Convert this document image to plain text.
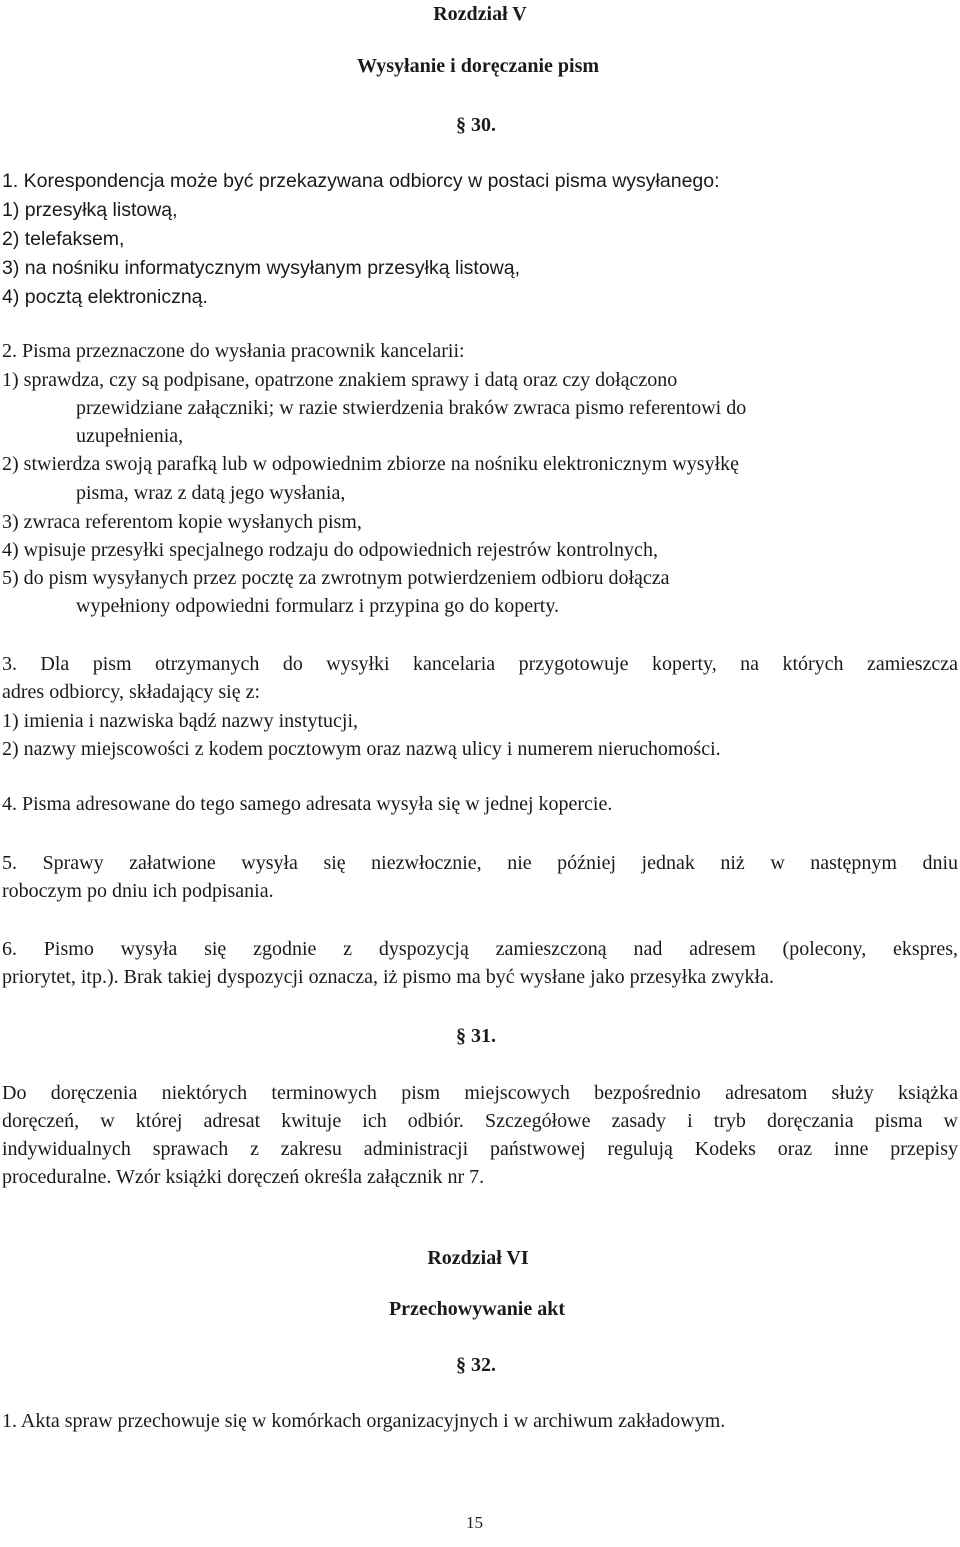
Rozdział V

Wysyłanie i doręczanie pism

§ 30.

1. Korespondencja może być przekazywana odbiorcy w postaci pisma wysyłanego:

1) przesyłką listową,

2) telefaksem,

3) na nośniku informatycznym wysyłanym przesyłką listową,

4) pocztą elektroniczną.

2. Pisma przeznaczone do wysłania pracownik kancelarii:

1) sprawdza, czy są podpisane, opatrzone znakiem sprawy i datą oraz czy dołączono

przewidziane załączniki; w razie stwierdzenia braków zwraca pismo referentowi do

uzupełnienia,

2) stwierdza swoją parafką lub w odpowiednim zbiorze na nośniku elektronicznym wysyłkę

pisma, wraz z datą jego wysłania,

3) zwraca referentom kopie wysłanych pism,

4) wpisuje przesyłki specjalnego rodzaju do odpowiednich rejestrów kontrolnych,

5) do pism wysyłanych przez pocztę za zwrotnym potwierdzeniem odbioru dołącza

wypełniony odpowiedni formularz i przypina go do koperty.

3. Dla pism otrzymanych do wysyłki kancelaria przygotowuje koperty, na których zamieszcza

adres odbiorcy, składający się z:

1) imienia i nazwiska bądź nazwy instytucji,

2) nazwy miejscowości z kodem pocztowym oraz nazwą ulicy i numerem nieruchomości.

4. Pisma adresowane do tego samego adresata wysyła się w jednej kopercie.

5. Sprawy załatwione wysyła się niezwłocznie, nie później jednak niż w następnym dniu

roboczym po dniu ich podpisania.

6. Pismo wysyła się zgodnie z dyspozycją zamieszczoną nad adresem (polecony, ekspres,

priorytet, itp.). Brak takiej dyspozycji oznacza, iż pismo ma być wysłane jako przesyłka zwykła.

§ 31.

Do doręczenia niektórych terminowych pism miejscowych bezpośrednio adresatom służy książka

doręczeń, w której adresat kwituje ich odbiór. Szczegółowe zasady i tryb doręczania pisma w

indywidualnych sprawach z zakresu administracji państwowej regulują Kodeks oraz inne przepisy

proceduralne. Wzór książki doręczeń określa załącznik nr 7.

Rozdział VI

Przechowywanie akt

§ 32.

1. Akta spraw przechowuje się w komórkach organizacyjnych i w archiwum zakładowym.

15
